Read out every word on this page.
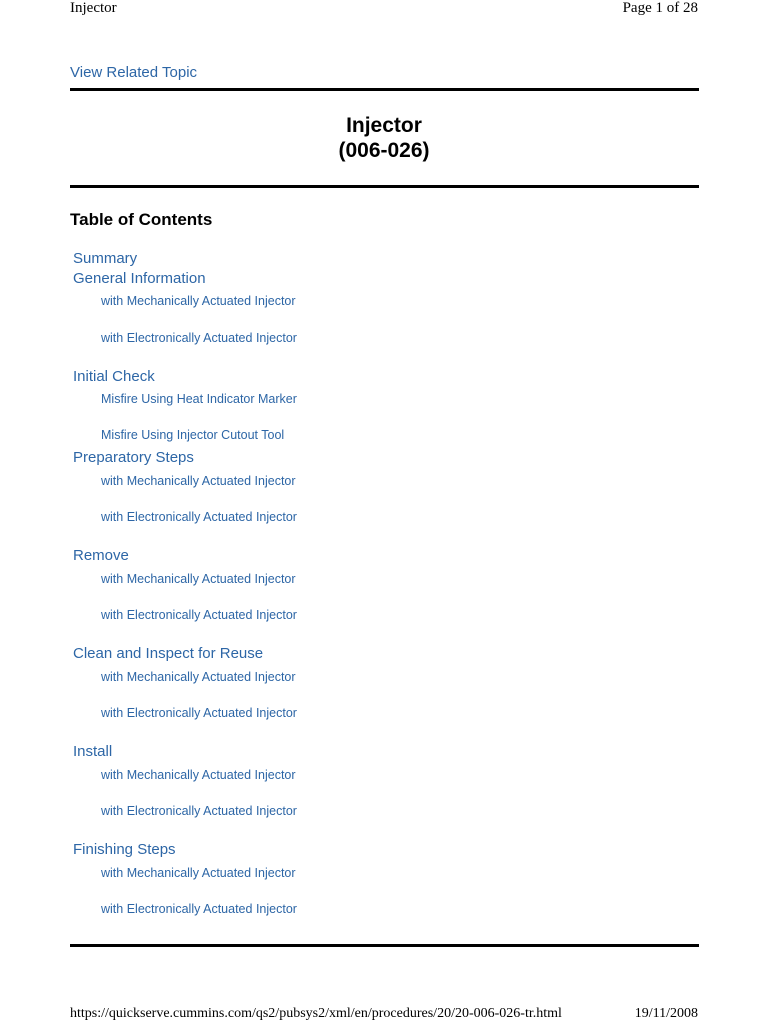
Injector	Page 1 of 28
View Related Topic
Injector
(006-026)
Table of Contents
Summary
General Information
with Mechanically Actuated Injector
with Electronically Actuated Injector
Initial Check
Misfire Using Heat Indicator Marker
Misfire Using Injector Cutout Tool
Preparatory Steps
with Mechanically Actuated Injector
with Electronically Actuated Injector
Remove
with Mechanically Actuated Injector
with Electronically Actuated Injector
Clean and Inspect for Reuse
with Mechanically Actuated Injector
with Electronically Actuated Injector
Install
with Mechanically Actuated Injector
with Electronically Actuated Injector
Finishing Steps
with Mechanically Actuated Injector
with Electronically Actuated Injector
https://quickserve.cummins.com/qs2/pubsys2/xml/en/procedures/20/20-006-026-tr.html	19/11/2008
